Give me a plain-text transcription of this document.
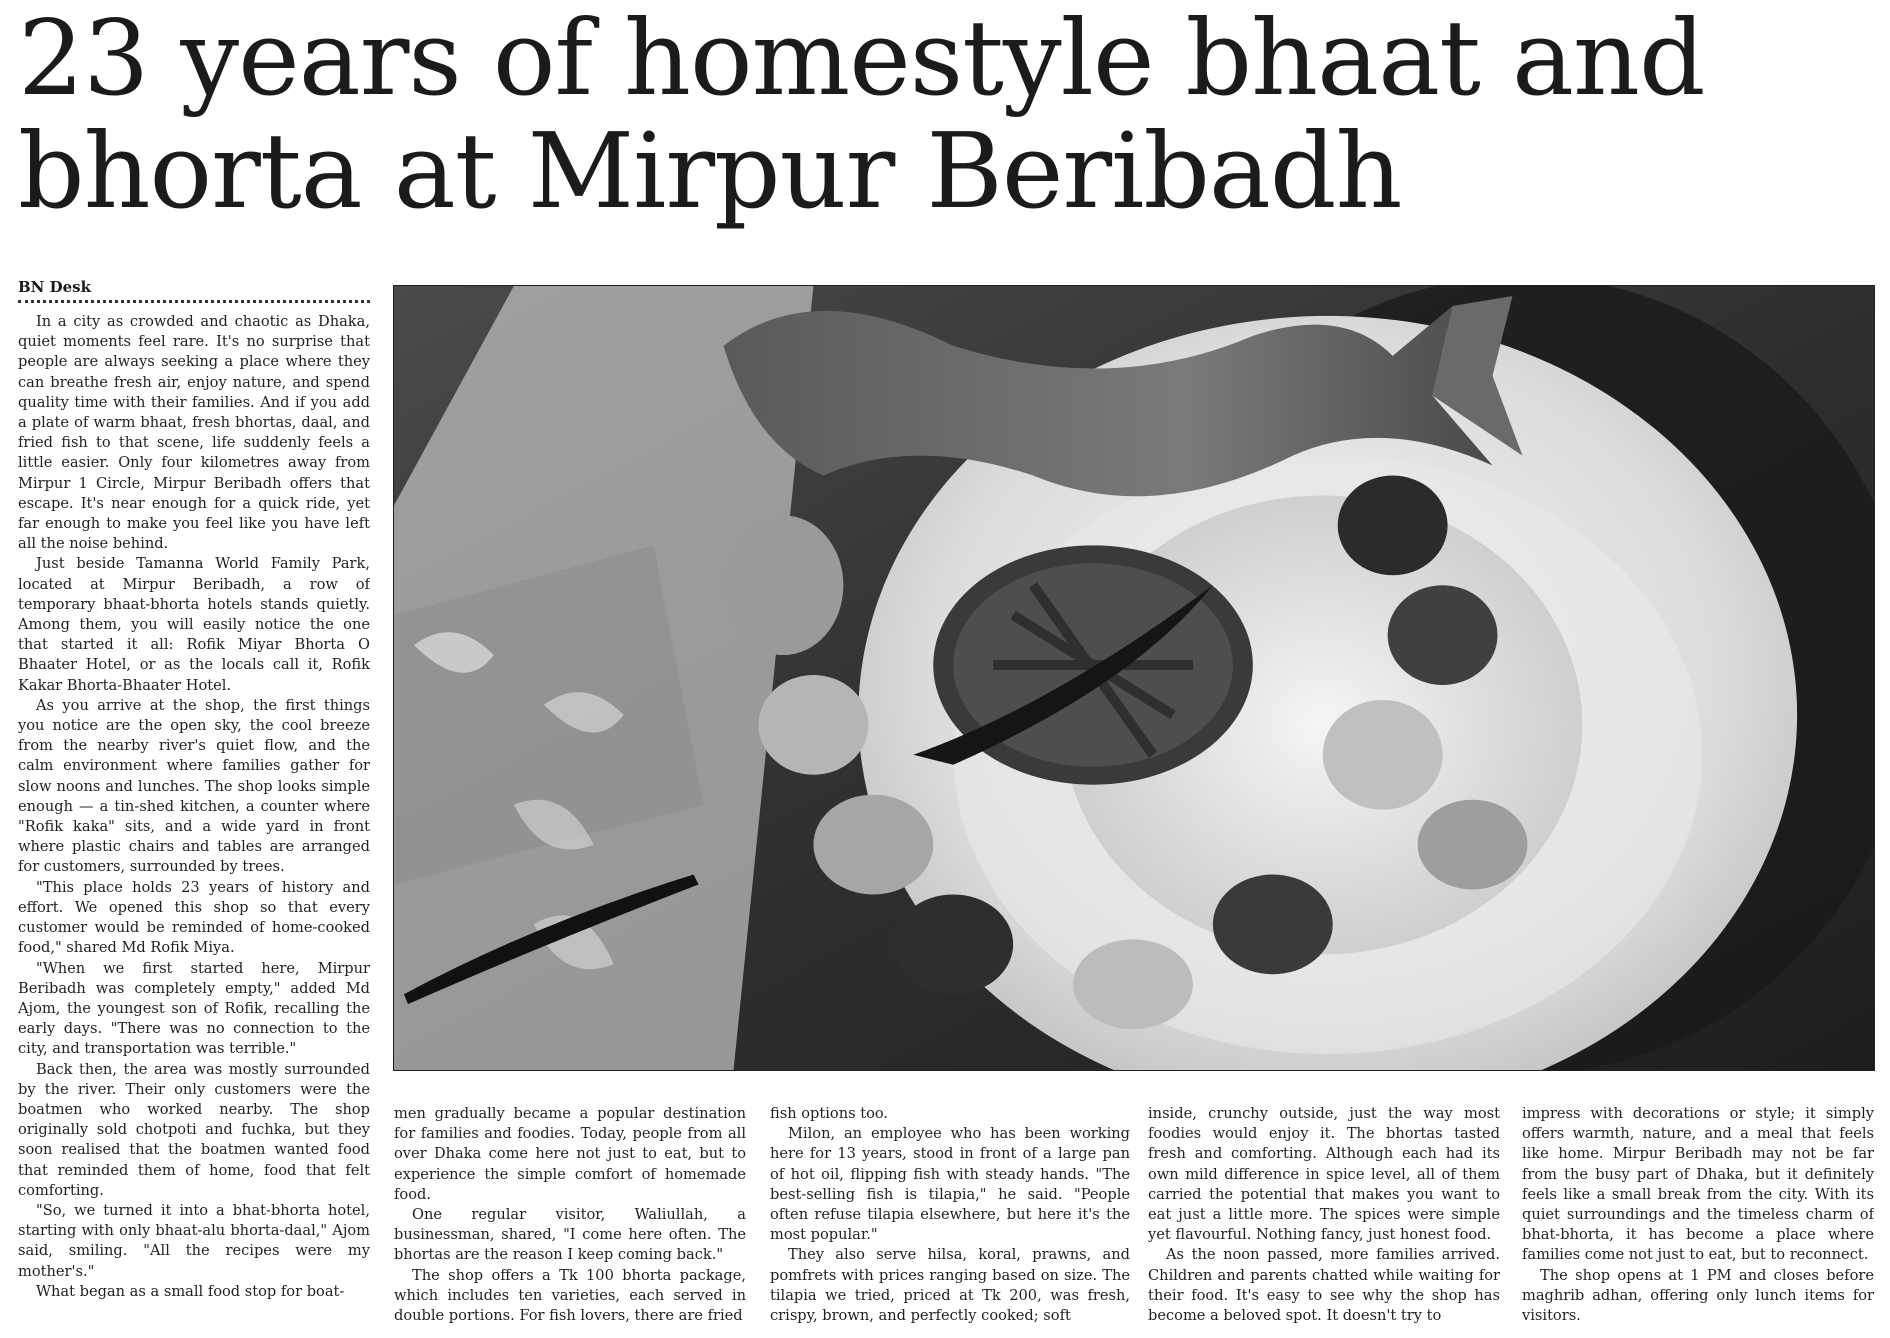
23 years of homestyle bhaat and bhorta at Mirpur Beribadh
BN Desk

In a city as crowded and chaotic as Dhaka, quiet moments feel rare. It's no surprise that people are always seeking a place where they can breathe fresh air, enjoy nature, and spend quality time with their families. And if you add a plate of warm bhaat, fresh bhortas, daal, and fried fish to that scene, life suddenly feels a little easier. Only four kilometres away from Mirpur 1 Circle, Mirpur Beribadh offers that escape. It's near enough for a quick ride, yet far enough to make you feel like you have left all the noise behind.

Just beside Tamanna World Family Park, located at Mirpur Beribadh, a row of temporary bhaat-bhorta hotels stands quietly. Among them, you will easily notice the one that started it all: Rofik Miyar Bhorta O Bhaater Hotel, or as the locals call it, Rofik Kakar Bhorta-Bhaater Hotel.

As you arrive at the shop, the first things you notice are the open sky, the cool breeze from the nearby river's quiet flow, and the calm environment where families gather for slow noons and lunches. The shop looks simple enough — a tin-shed kitchen, a counter where "Rofik kaka" sits, and a wide yard in front where plastic chairs and tables are arranged for customers, surrounded by trees.

"This place holds 23 years of history and effort. We opened this shop so that every customer would be reminded of home-cooked food," shared Md Rofik Miya.

"When we first started here, Mirpur Beribadh was completely empty," added Md Ajom, the youngest son of Rofik, recalling the early days. "There was no connection to the city, and transportation was terrible."

Back then, the area was mostly surrounded by the river. Their only customers were the boatmen who worked nearby. The shop originally sold chotpoti and fuchka, but they soon realised that the boatmen wanted food that reminded them of home, food that felt comforting.

"So, we turned it into a bhat-bhorta hotel, starting with only bhaat-alu bhorta-daal," Ajom said, smiling. "All the recipes were my mother's."

What began as a small food stop for boat-

men gradually became a popular destination for families and foodies. Today, people from all over Dhaka come here not just to eat, but to experience the simple comfort of homemade food.

One regular visitor, Waliullah, a businessman, shared, "I come here often. The bhortas are the reason I keep coming back."

The shop offers a Tk 100 bhorta package, which includes ten varieties, each served in double portions. For fish lovers, there are fried

fish options too.

Milon, an employee who has been working here for 13 years, stood in front of a large pan of hot oil, flipping fish with steady hands. "The best-selling fish is tilapia," he said. "People often refuse tilapia elsewhere, but here it's the most popular."

They also serve hilsa, koral, prawns, and pomfrets with prices ranging based on size. The tilapia we tried, priced at Tk 200, was fresh, crispy, brown, and perfectly cooked; soft

inside, crunchy outside, just the way most foodies would enjoy it. The bhortas tasted fresh and comforting. Although each had its own mild difference in spice level, all of them carried the potential that makes you want to eat just a little more. The spices were simple yet flavourful. Nothing fancy, just honest food.

As the noon passed, more families arrived. Children and parents chatted while waiting for their food. It's easy to see why the shop has become a beloved spot. It doesn't try to

impress with decorations or style; it simply offers warmth, nature, and a meal that feels like home. Mirpur Beribadh may not be far from the busy part of Dhaka, but it definitely feels like a small break from the city. With its quiet surroundings and the timeless charm of bhat-bhorta, it has become a place where families come not just to eat, but to reconnect.

The shop opens at 1 PM and closes before maghrib adhan, offering only lunch items for visitors.
